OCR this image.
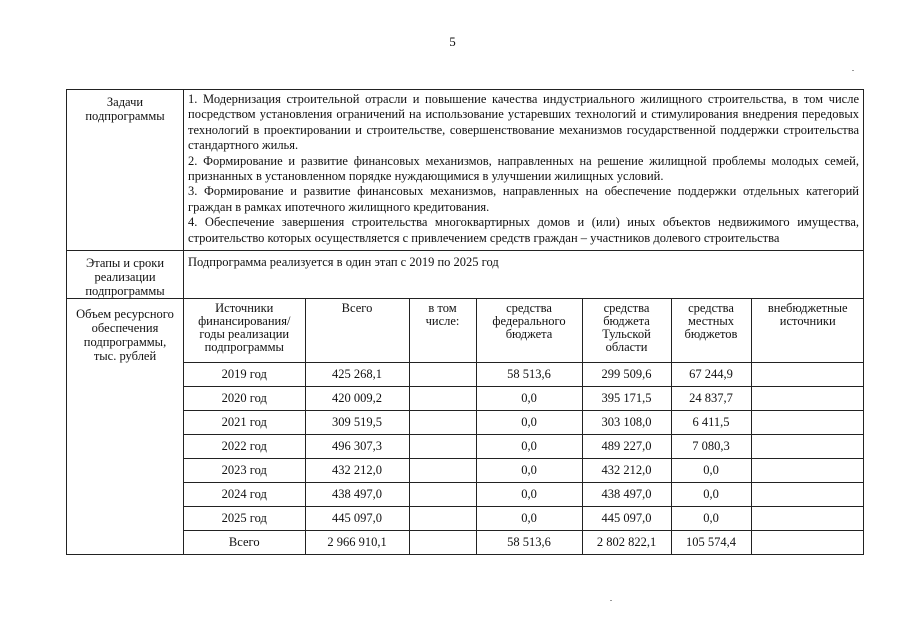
5
Задачи подпрограммы	

1. Модернизация строительной отрасли и повышение качества индустриального жилищного строительства, в том числе посредством установления ограничений на использование устаревших технологий и стимулирования внедрения передовых технологий в проектировании и строительстве, совершенствование механизмов государственной поддержки строительства стандартного жилья.

2. Формирование и развитие финансовых механизмов, направленных на решение жилищной проблемы молодых семей, признанных в установленном порядке нуждающимися в улучшении жилищных условий.

3. Формирование и развитие финансовых механизмов, направленных на обеспечение поддержки отдельных категорий граждан в рамках ипотечного жилищного кредитования.

4. Обеспечение завершения строительства многоквартирных домов и (или) иных объектов недвижимого имущества, строительство которых осуществляется с привлечением средств граждан – участников долевого строительства

Этапы и сроки реализации подпрограммы	Подпрограмма реализуется в один этап с 2019 по 2025 год
Объем ресурсного обеспечения подпрограммы, тыс. рублей	
Источники финансирования/ годы реализации подпрограммы	Всего	в том числе:	средства федерального бюджета	средства бюджета Тульской области	средства местных бюджетов	внебюджетные источники
2019 год	425 268,1		58 513,6	299 509,6	67 244,9	
2020 год	420 009,2		0,0	395 171,5	24 837,7	
2021 год	309 519,5		0,0	303 108,0	6 411,5	
2022 год	496 307,3		0,0	489 227,0	7 080,3	
2023 год	432 212,0		0,0	432 212,0	0,0	
2024 год	438 497,0		0,0	438 497,0	0,0	
2025 год	445 097,0		0,0	445 097,0	0,0	
Всего	2 966 910,1		58 513,6	2 802 822,1	105 574,4	
